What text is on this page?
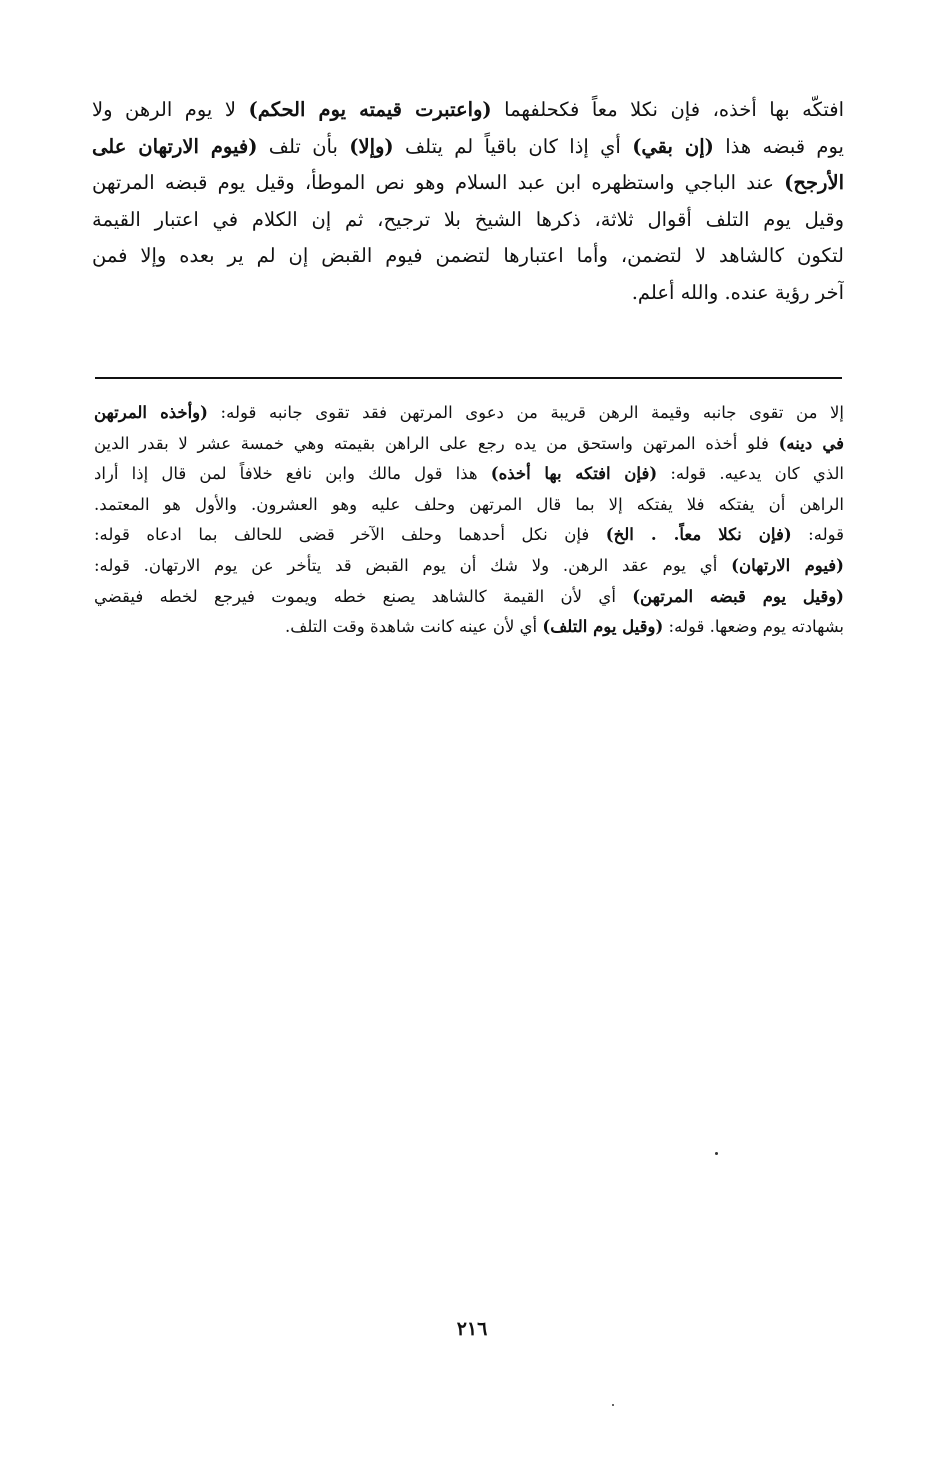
افتكّه بها أخذه، فإن نكلا معاً فكحلفهما (واعتبرت قيمته يوم الحكم) لا يوم الرهن ولا
يوم قبضه هذا (إن بقي) أي إذا كان باقياً لم يتلف (وإلا) بأن تلف (فيوم الارتهان على
الأرجح) عند الباجي واستظهره ابن عبد السلام وهو نص الموطأ، وقيل يوم قبضه المرتهن
وقيل يوم التلف أقوال ثلاثة، ذكرها الشيخ بلا ترجيح، ثم إن الكلام في اعتبار القيمة
لتكون كالشاهد لا لتضمن، وأما اعتبارها لتضمن فيوم القبض إن لم ير بعده وإلا فمن
آخر رؤية عنده. والله أعلم.
إلا من تقوى جانبه وقيمة الرهن قريبة من دعوى المرتهن فقد تقوى جانبه قوله: (وأخذه المرتهن
في دينه) فلو أخذه المرتهن واستحق من يده رجع على الراهن بقيمته وهي خمسة عشر لا بقدر الدين
الذي كان يدعيه. قوله: (فإن افتكه بها أخذه) هذا قول مالك وابن نافع خلافاً لمن قال إذا أراد
الراهن أن يفتكه فلا يفتكه إلا بما قال المرتهن وحلف عليه وهو العشرون. والأول هو المعتمد.
قوله: (فإن نكلا معاً. . الخ) فإن نكل أحدهما وحلف الآخر قضى للحالف بما ادعاه قوله:
(فيوم الارتهان) أي يوم عقد الرهن. ولا شك أن يوم القبض قد يتأخر عن يوم الارتهان. قوله:
(وقيل يوم قبضه المرتهن) أي لأن القيمة كالشاهد يصنع خطه ويموت فيرجع لخطه فيقضي
بشهادته يوم وضعها. قوله: (وقيل يوم التلف) أي لأن عينه كانت شاهدة وقت التلف.
٢١٦
